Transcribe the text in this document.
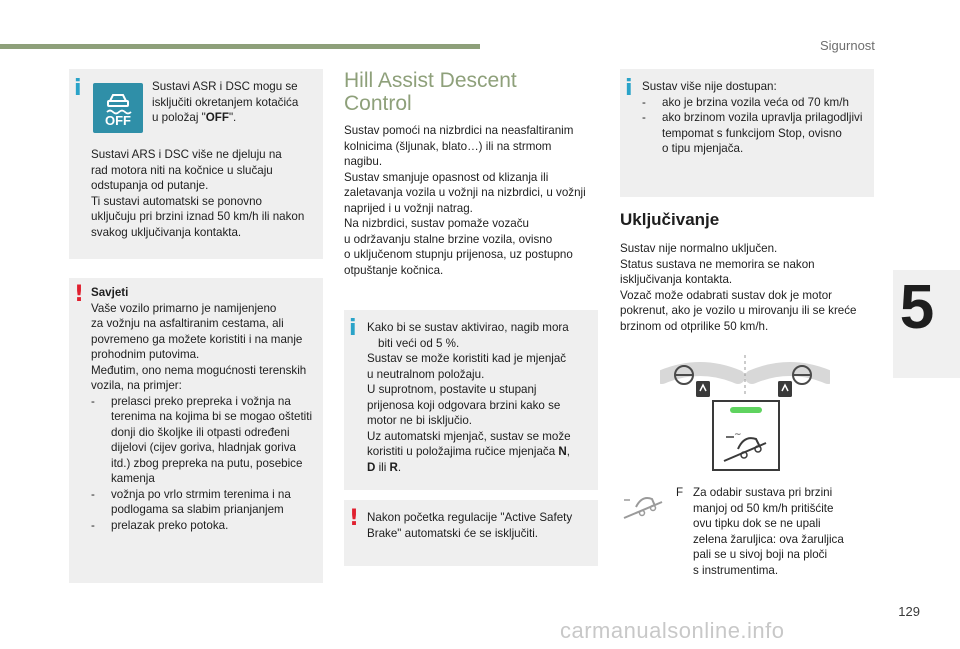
Sigurnost
5
129
carmanualsonline.info
i
OFF

Sustavi ASR i DSC mogu se

isključiti okretanjem kotačića

u položaj "OFF".

Sustavi ARS i DSC više ne djeluju na

rad motora niti na kočnice u slučaju

odstupanja od putanje.

Ti sustavi automatski se ponovno

uključuju pri brzini iznad 50 km/h ili nakon

svakog uključivanja kontakta.

! Savjeti

Vaše vozilo primarno je namijenjeno

za vožnju na asfaltiranim cestama, ali

povremeno ga možete koristiti i na manje

prohodnim putovima.

Međutim, ono nema mogućnosti terenskih

vozila, na primjer:

- prelasci preko prepreka i vožnja na
terenima na kojima bi se mogao oštetiti
donji dio školjke ili otpasti određeni
dijelovi (cijev goriva, hladnjak goriva
itd.) zbog prepreka na putu, posebice
kamenja
- vožnja po vrlo strmim terenima i na
podlogama sa slabim prianjanjem
- prelazak preko potoka.
Hill Assist Descent
Control

Sustav pomoći na nizbrdici na neasfaltiranim

kolnicima (šljunak, blato…) ili na strmom

nagibu.

Sustav smanjuje opasnost od klizanja ili

zaletavanja vozila u vožnji na nizbrdici, u vožnji

naprijed i u vožnji natrag.

Na nizbrdici, sustav pomaže vozaču

u održavanju stalne brzine vozila, ovisno

o uključenom stupnju prijenosa, uz postupno

otpuštanje kočnica.

i Kako bi se sustav aktivirao, nagib mora

biti veći od 5 %.

Sustav se može koristiti kad je mjenjač

u neutralnom položaju.

U suprotnom, postavite u stupanj

prijenosa koji odgovara brzini kako se

motor ne bi isključio.

Uz automatski mjenjač, sustav se može

koristiti u položajima ručice mjenjača N,

D ili R.

! Nakon početka regulacije "Active Safety

Brake" automatski će se isključiti.

i Sustav više nije dostupan:

- ako je brzina vozila veća od 70 km/h
- ako brzinom vozila upravlja prilagodljivi
tempomat s funkcijom Stop, ovisno
o tipu mjenjača.
Uključivanje

Sustav nije normalno uključen.

Status sustava ne memorira se nakon

isključivanja kontakta.

Vozač može odabrati sustav dok je motor

pokrenut, ako je vozilo u mirovanju ili se kreće

brzinom od otprilike 50 km/h.

~
F Za odabir sustava pri brzini

manjoj od 50 km/h pritišćite

ovu tipku dok se ne upali

zelena žaruljica: ova žaruljica

pali se u sivoj boji na ploči

s instrumentima.
